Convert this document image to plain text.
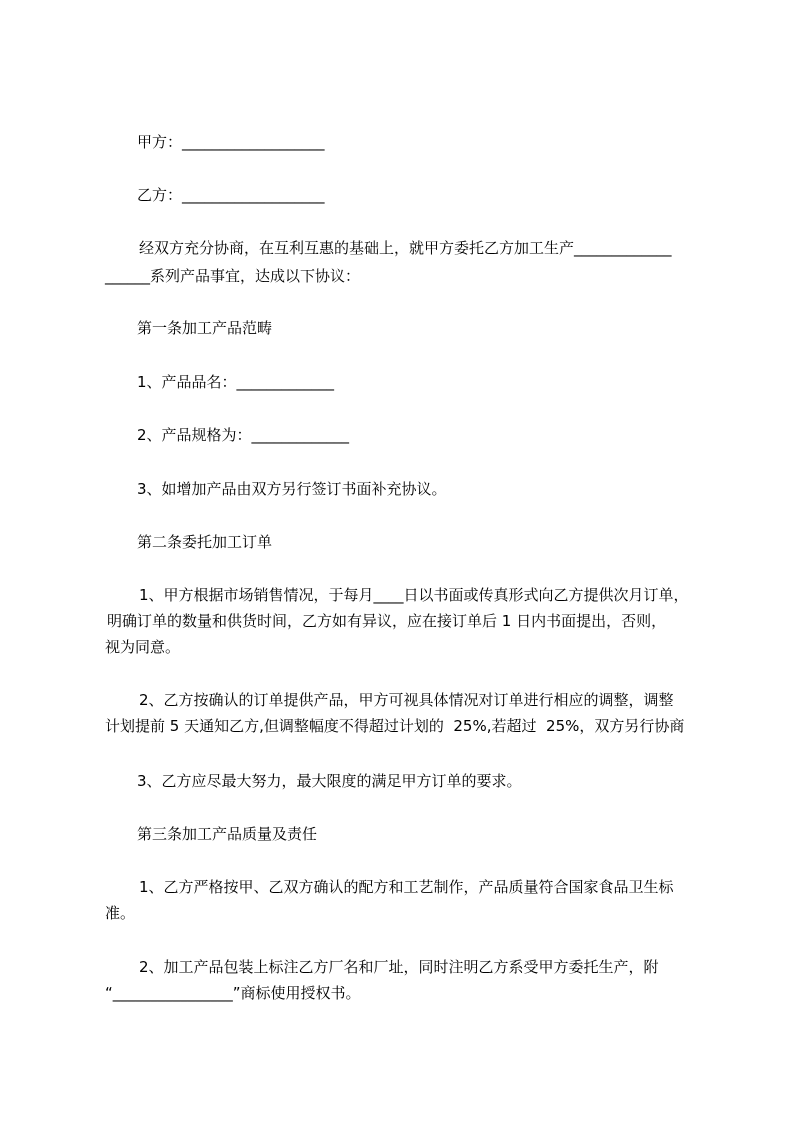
甲方：___________________

乙方：___________________

经双方充分协商，在互利互惠的基础上，就甲方委托乙方加工生产_____________

______系列产品事宜，达成以下协议：

第一条加工产品范畴

1、产品品名：_____________

2、产品规格为：_____________

3、如增加产品由双方另行签订书面补充协议。

第二条委托加工订单

1、甲方根据市场销售情况，于每月____日以书面或传真形式向乙方提供次月订单，

明确订单的数量和供货时间，乙方如有异议，应在接订单后 1 日内书面提出，否则，

视为同意。

2、乙方按确认的订单提供产品，甲方可视具体情况对订单进行相应的调整，调整

计划提前 5 天通知乙方,但调整幅度不得超过计划的  25%,若超过  25%，双方另行协商

3、乙方应尽最大努力，最大限度的满足甲方订单的要求。

第三条加工产品质量及责任

1、乙方严格按甲、乙双方确认的配方和工艺制作，产品质量符合国家食品卫生标

准。

2、加工产品包装上标注乙方厂名和厂址，同时注明乙方系受甲方委托生产，附

“________________”商标使用授权书。
